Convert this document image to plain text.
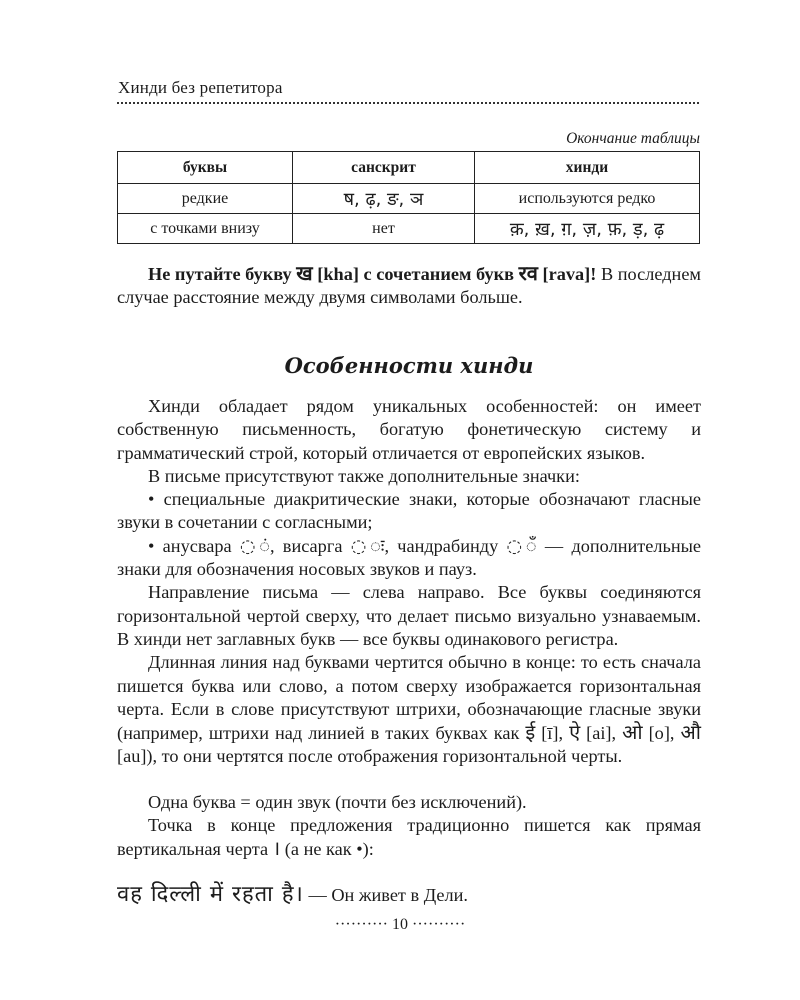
Хинди без репетитора
Окончание таблицы
буквы	санскрит	хинди
редкие	ष, ढ़, ङ, ञ	используются редко
с точками внизу	нет	क़, ख़, ग़, ज़, फ़, ड़, ढ़

Не путайте букву ख [kha] с сочетанием букв रव [rava]! В последнем случае расстояние между двумя символами больше.

Особенности хинди

Хинди обладает рядом уникальных особенностей: он имеет собственную письменность, богатую фонетическую систему и грамматический строй, который отличается от европейских языков.

В письме присутствуют также дополнительные значки:

• специальные диакритические знаки, которые обозначают гласные звуки в сочетании с согласными;

• анусвара ◌ं, висарга ◌ः, чандрабинду ◌ँ — дополнительные знаки для обозначения носовых звуков и пауз.

Направление письма — слева направо. Все буквы соединяются горизонтальной чертой сверху, что делает письмо визуально узнаваемым. В хинди нет заглавных букв — все буквы одинакового регистра.

Длинная линия над буквами чертится обычно в конце: то есть сначала пишется буква или слово, а потом сверху изображается горизонтальная черта. Если в слове присутствуют штрихи, обозначающие гласные звуки (например, штрихи над линией в таких буквах как ई [ī], ऐ [ai], ओ [o], औ [au]), то они чертятся после отображения горизонтальной черты.

Одна буква = один звук (почти без исключений).

Точка в конце предложения традиционно пишется как прямая вертикальная черта । (а не как •):

वह दिल्ली में रहता है। — Он живет в Дели.
·········· 10 ··········
